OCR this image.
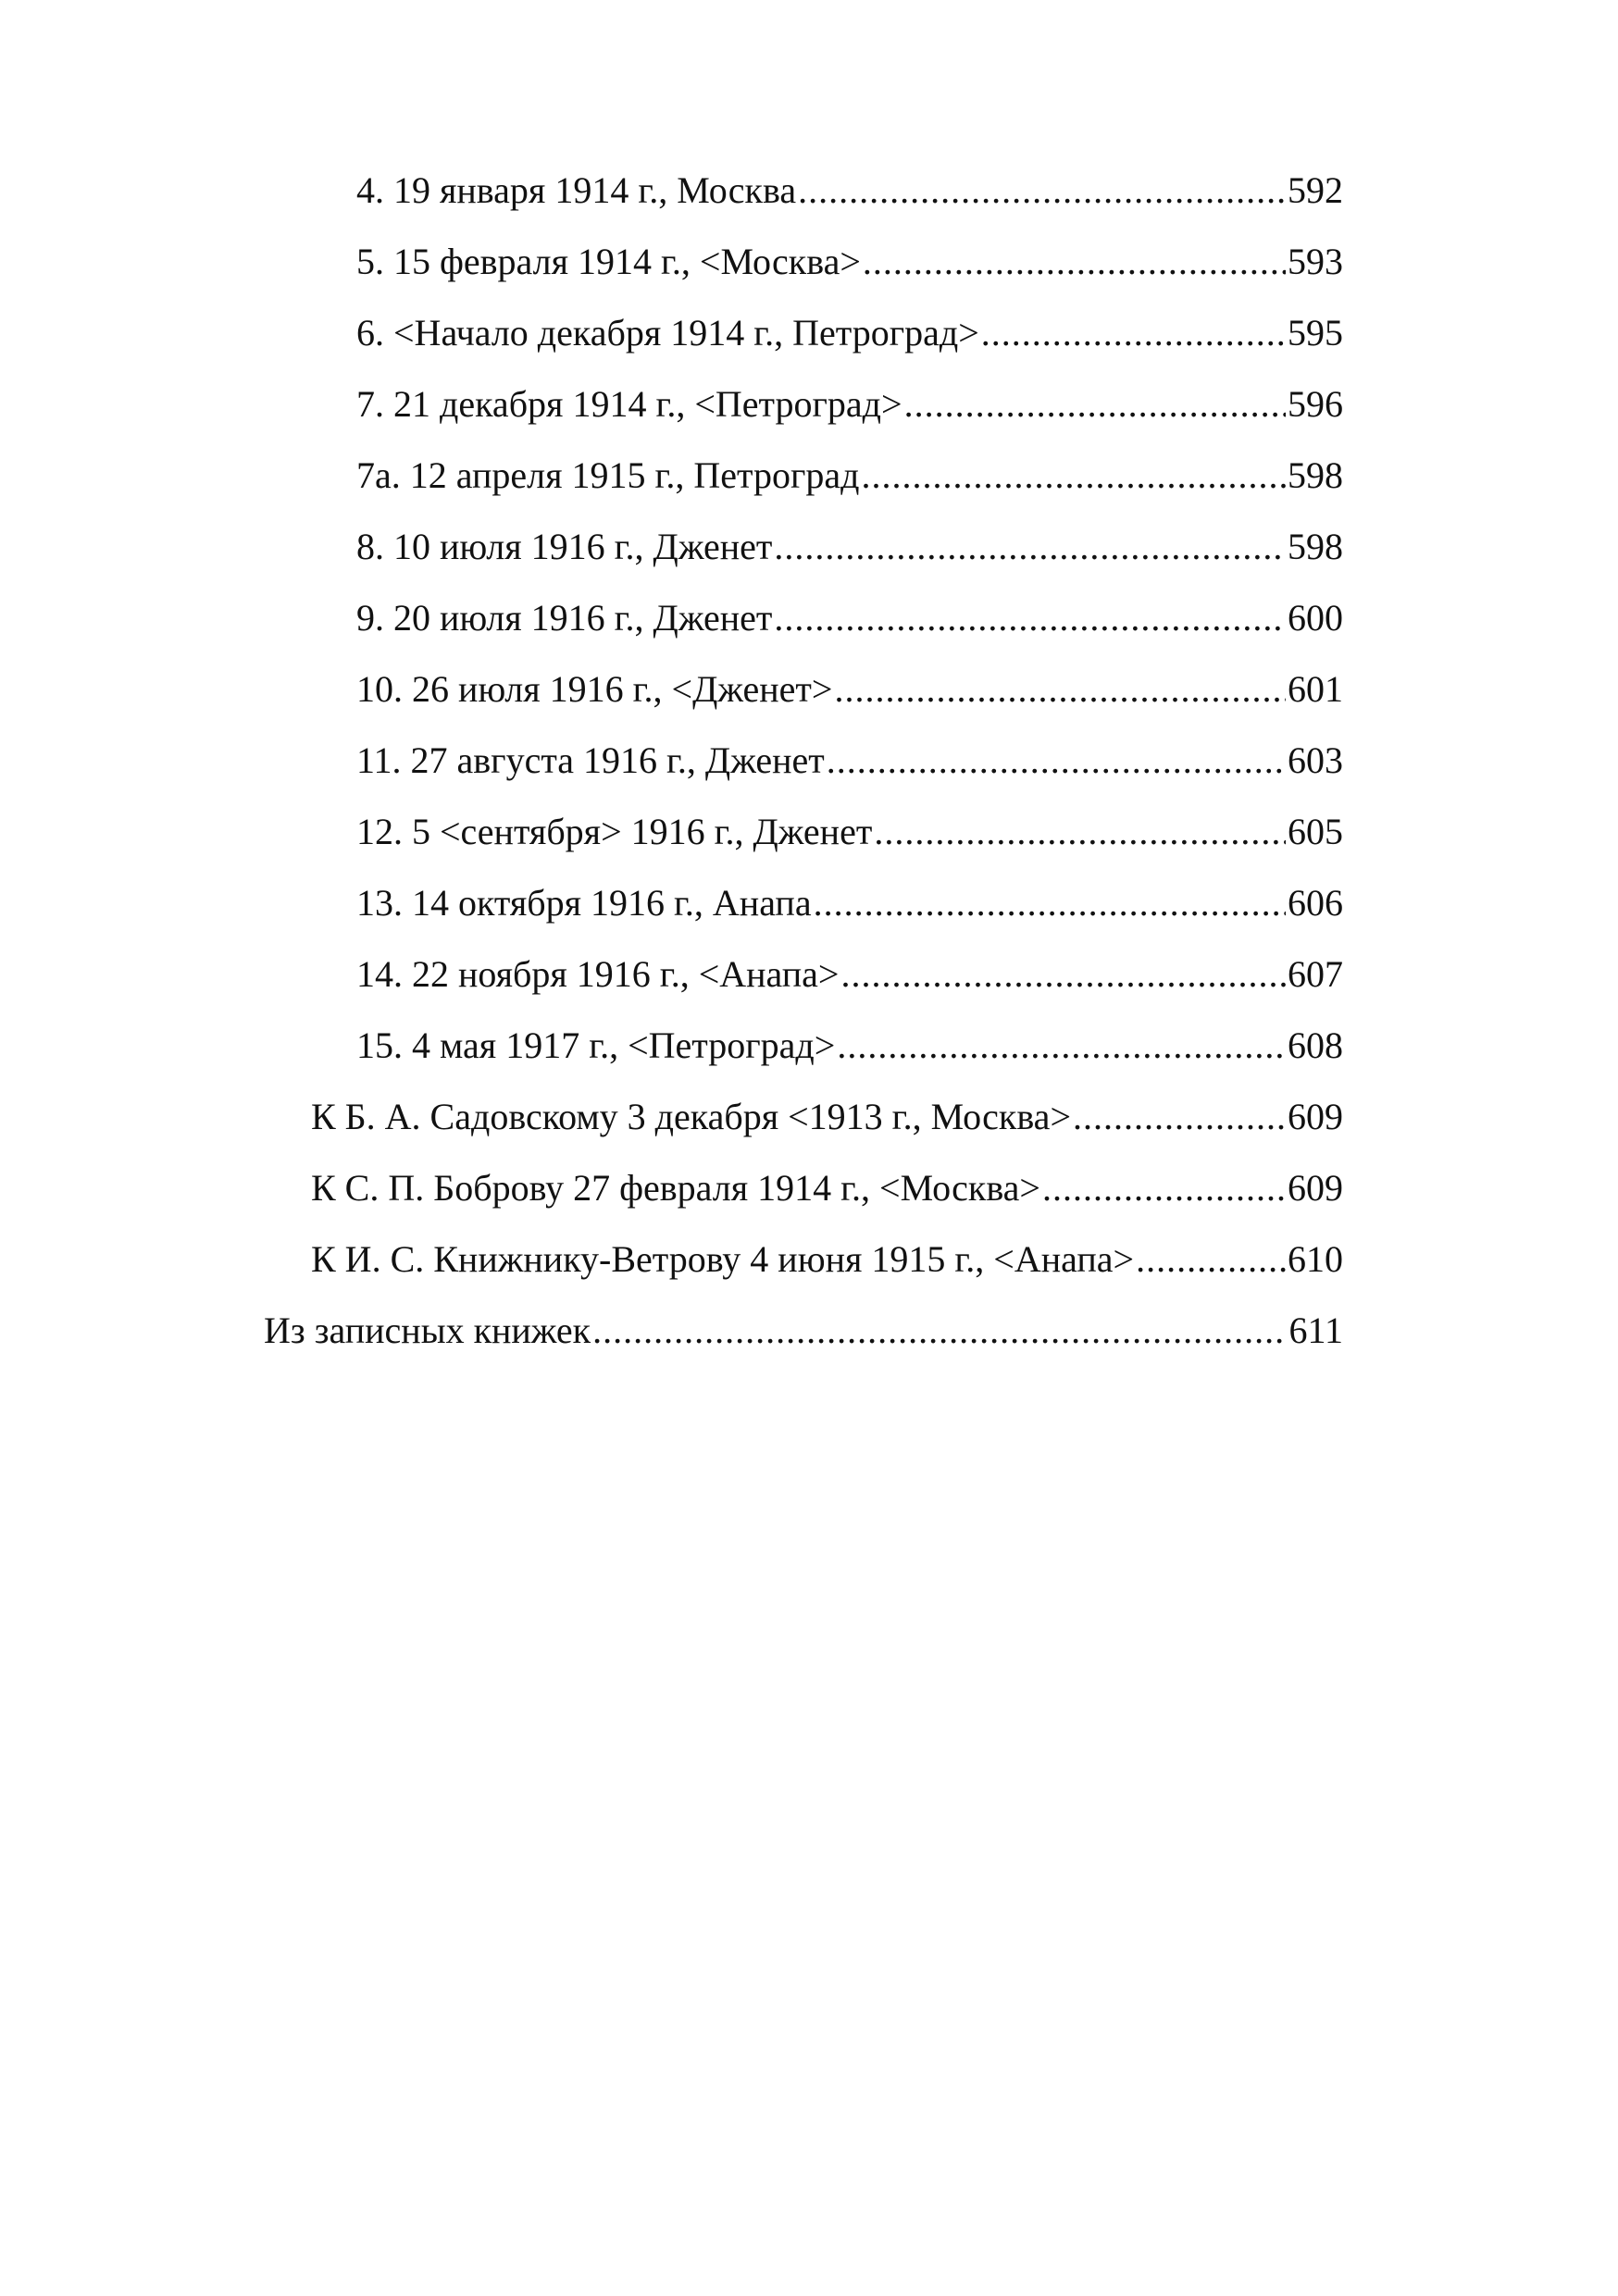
4. 19 января 1914 г., Москва .....	592
5. 15 февраля 1914 г., <Москва> .....	593
6. <Начало декабря 1914 г., Петроград> .....	595
7. 21 декабря 1914 г., <Петроград> .....	596
7а. 12 апреля 1915 г., Петроград .....	598
8. 10 июля 1916 г., Дженет .....	598
9. 20 июля 1916 г., Дженет .....	600
10. 26 июля 1916 г., <Дженет> .....	601
11. 27 августа 1916 г., Дженет .....	603
12. 5 <сентября> 1916 г., Дженет .....	605
13. 14 октября 1916 г., Анапа .....	606
14. 22 ноября 1916 г., <Анапа> .....	607
15. 4 мая 1917 г., <Петроград> .....	608
К Б. А. Садовскому 3 декабря <1913 г., Москва> .....	609
К С. П. Боброву 27 февраля 1914 г., <Москва> .....	609
К И. С. Книжнику-Ветрову 4 июня 1915 г., <Анапа> .....	610
Из записных книжек .....	611
